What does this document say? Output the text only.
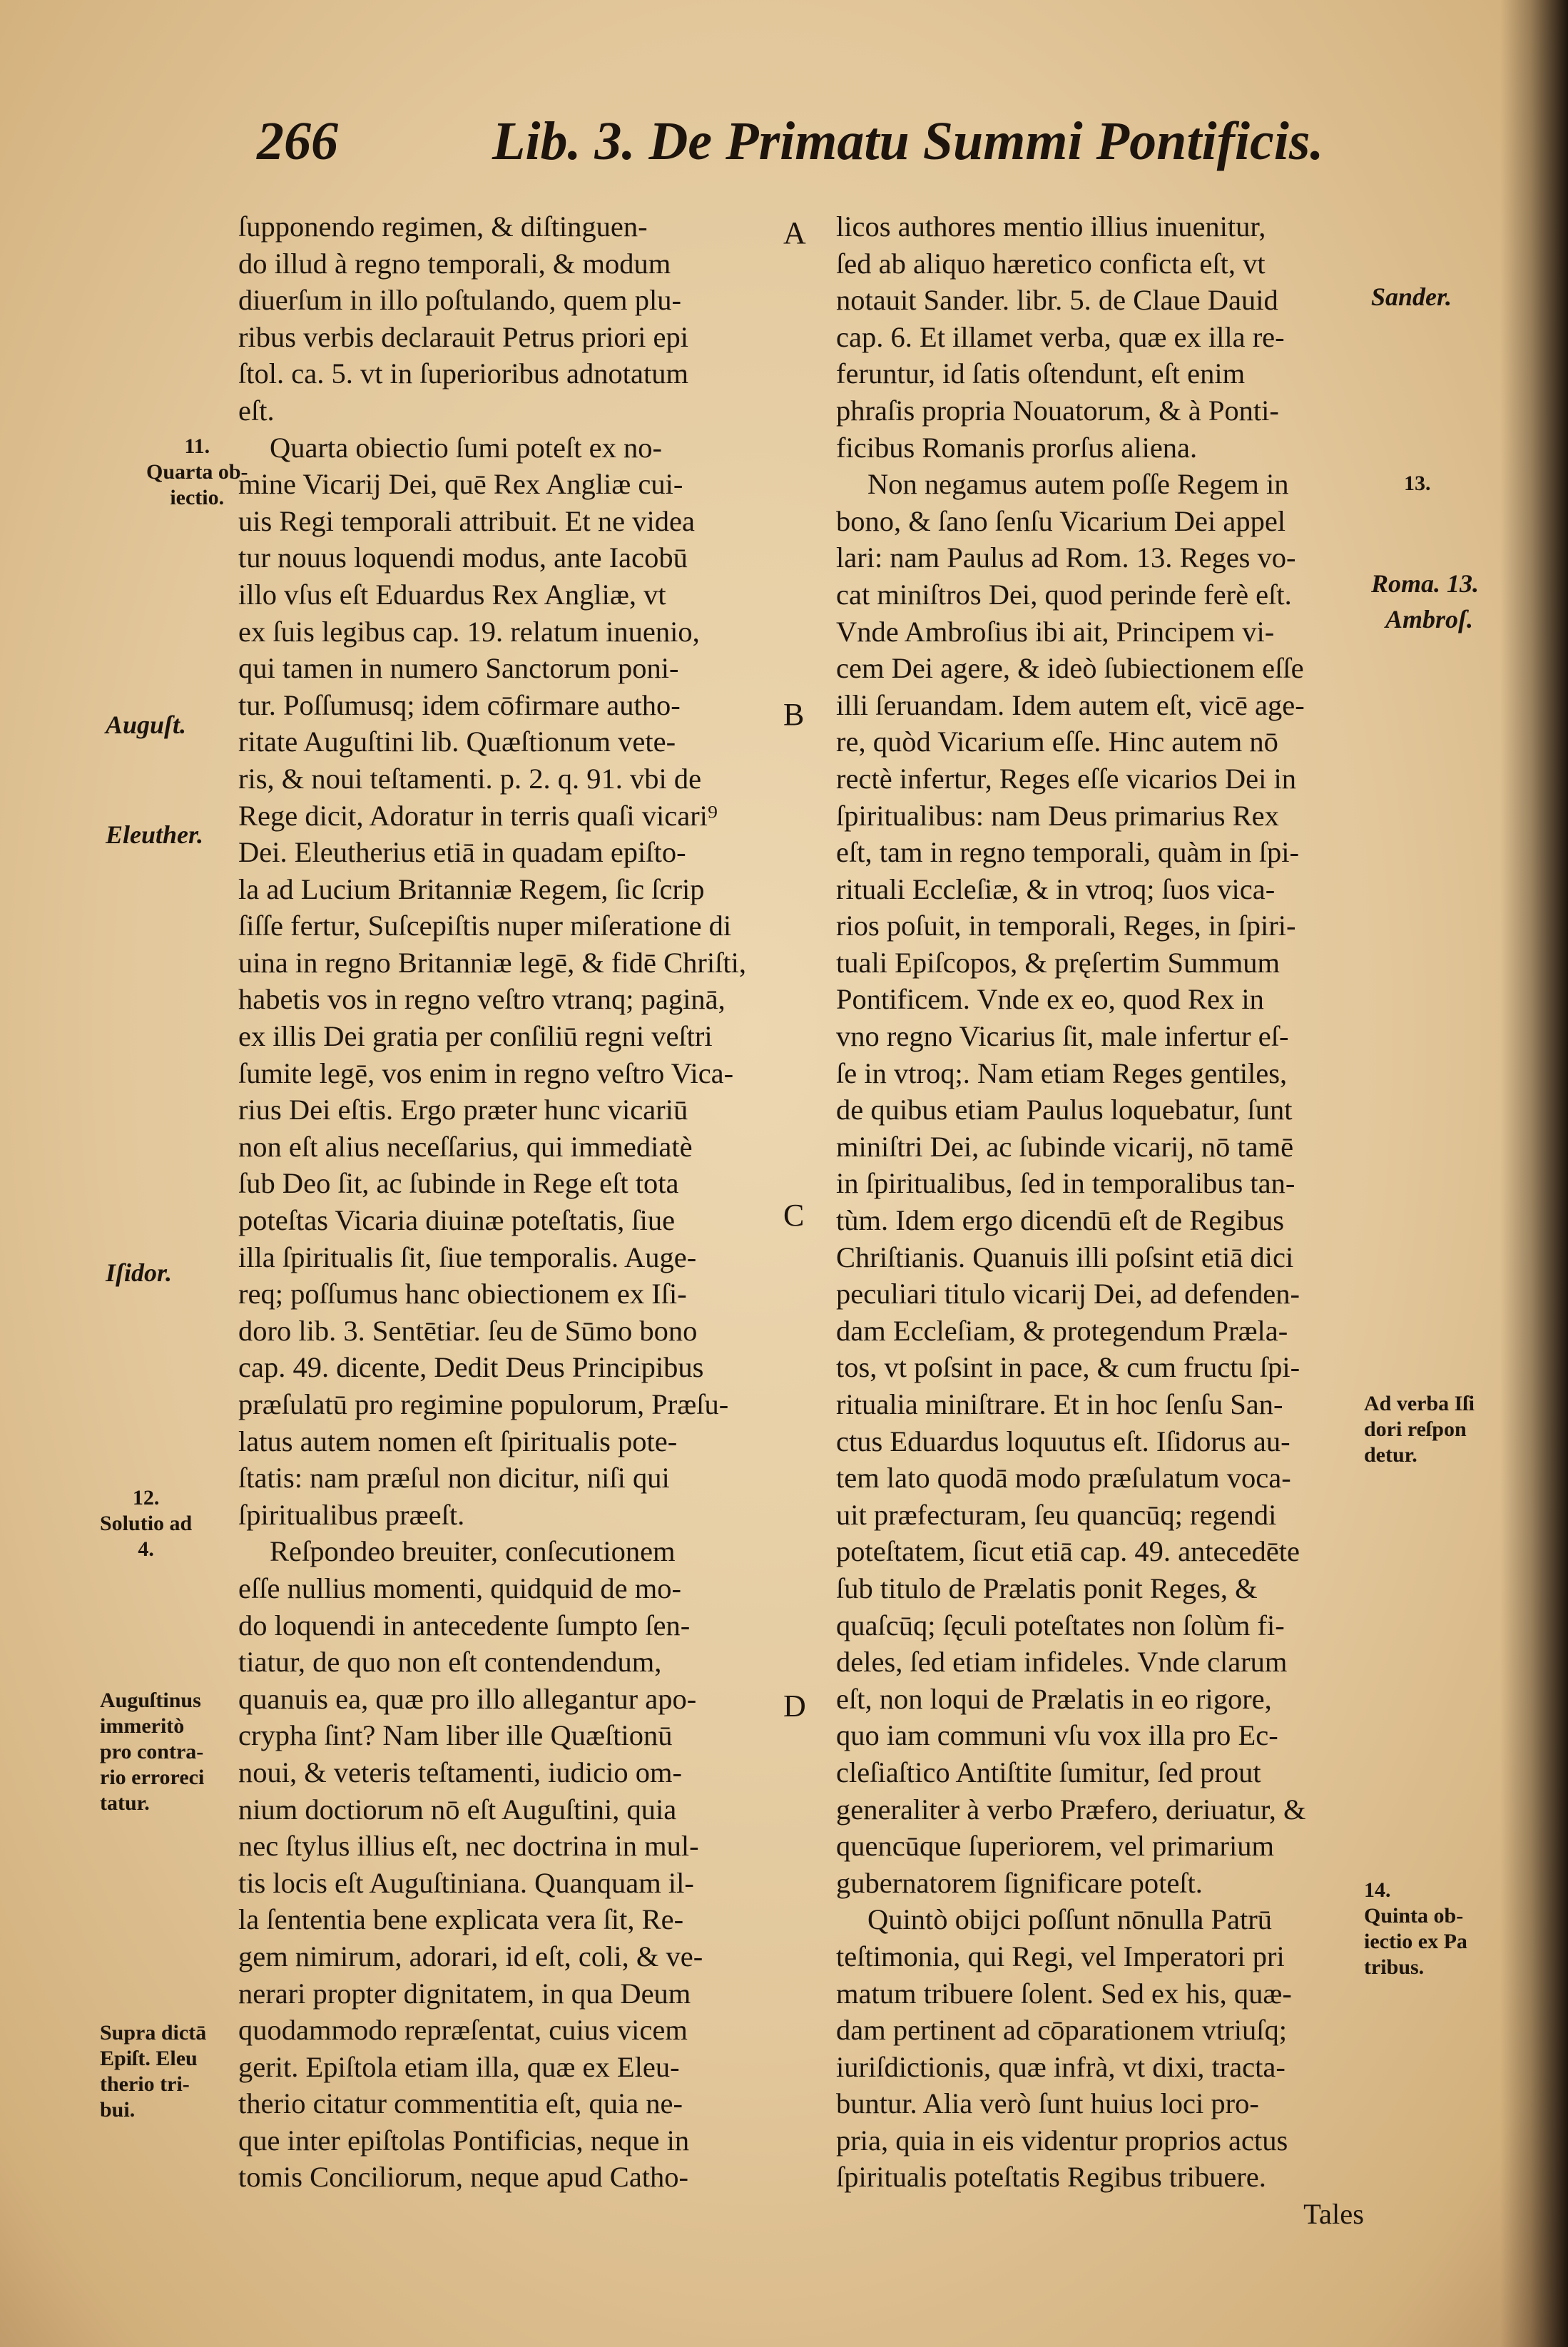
266	Lib. 3. De Primatu Summi Pontificis.
ſupponendo regimen, & diſtinguen-
do illud à regno temporali, & modum
diuerſum in illo poſtulando, quem plu-
ribus verbis declarauit Petrus priori epi
ſtol. ca. 5. vt in ſuperioribus adnotatum
eſt.
Quarta obiectio ſumi poteſt ex no-
mine Vicarij Dei, quē Rex Angliæ cui-
uis Regi temporali attribuit. Et ne videa
tur nouus loquendi modus, ante Iacobū
illo vſus eſt Eduardus Rex Angliæ, vt
ex ſuis legibus cap. 19. relatum inuenio,
qui tamen in numero Sanctorum poni-
tur. Poſſumusq; idem cōfirmare autho-
ritate Auguſtini lib. Quæſtionum vete-
ris, & noui teſtamenti. p. 2. q. 91. vbi de
Rege dicit, Adoratur in terris quaſi vicari⁹
Dei. Eleutherius etiā in quadam epiſto-
la ad Lucium Britanniæ Regem, ſic ſcrip
ſiſſe fertur, Suſcepiſtis nuper miſeratione di
uina in regno Britanniæ legē, & fidē Chriſti,
habetis vos in regno veſtro vtranq; paginā,
ex illis Dei gratia per conſiliū regni veſtri
ſumite legē, vos enim in regno veſtro Vica-
rius Dei eſtis. Ergo præter hunc vicariū
non eſt alius neceſſarius, qui immediatè
ſub Deo ſit, ac ſubinde in Rege eſt tota
poteſtas Vicaria diuinæ poteſtatis, ſiue
illa ſpiritualis ſit, ſiue temporalis. Auge-
req; poſſumus hanc obiectionem ex Iſi-
doro lib. 3. Sentētiar. ſeu de Sūmo bono
cap. 49. dicente, Dedit Deus Principibus
præſulatū pro regimine populorum, Præſu-
latus autem nomen eſt ſpiritualis pote-
ſtatis: nam præſul non dicitur, niſi qui
ſpiritualibus præeſt.
Reſpondeo breuiter, conſecutionem
eſſe nullius momenti, quidquid de mo-
do loquendi in antecedente ſumpto ſen-
tiatur, de quo non eſt contendendum,
quanuis ea, quæ pro illo allegantur apo-
crypha ſint? Nam liber ille Quæſtionū
noui, & veteris teſtamenti, iudicio om-
nium doctiorum nō eſt Auguſtini, quia
nec ſtylus illius eſt, nec doctrina in mul-
tis locis eſt Auguſtiniana. Quanquam il-
la ſententia bene explicata vera ſit, Re-
gem nimirum, adorari, id eſt, coli, & ve-
nerari propter dignitatem, in qua Deum
quodammodo repræſentat, cuius vicem
gerit. Epiſtola etiam illa, quæ ex Eleu-
therio citatur commentitia eſt, quia ne-
que inter epiſtolas Pontificias, neque in
tomis Conciliorum, neque apud Catho-
licos authores mentio illius inuenitur,
ſed ab aliquo hæretico confictа eſt, vt
notauit Sander. libr. 5. de Claue Dauid
cap. 6. Et illamet verba, quæ ex illa re-
feruntur, id ſatis oſtendunt, eſt enim
phraſis propria Nouatorum, & à Ponti-
ficibus Romanis prorſus aliena.
Non negamus autem poſſe Regem in
bono, & ſano ſenſu Vicarium Dei appel
lari: nam Paulus ad Rom. 13. Reges vo-
cat miniſtros Dei, quod perinde ferè eſt.
Vnde Ambroſius ibi ait, Principem vi-
cem Dei agere, & ideò ſubiectionem eſſe
illi ſeruandam. Idem autem eſt, vicē age-
re, quòd Vicarium eſſe. Hinc autem nō
rectè infertur, Reges eſſe vicarios Dei in
ſpiritualibus: nam Deus primarius Rex
eſt, tam in regno temporali, quàm in ſpi-
rituali Eccleſiæ, & in vtroq; ſuos vica-
rios poſuit, in temporali, Reges, in ſpiri-
tuali Epiſcopos, & pręſertim Summum
Pontificem. Vnde ex eo, quod Rex in
vno regno Vicarius ſit, male infertur eſ-
ſe in vtroq;. Nam etiam Reges gentiles,
de quibus etiam Paulus loquebatur, ſunt
miniſtri Dei, ac ſubinde vicarij, nō tamē
in ſpiritualibus, ſed in temporalibus tan-
tùm. Idem ergo dicendū eſt de Regibus
Chriſtianis. Quanuis illi poſsint etiā dici
peculiari titulo vicarij Dei, ad defenden-
dam Eccleſiam, & protegendum Præla-
tos, vt poſsint in pace, & cum fructu ſpi-
ritualia miniſtrare. Et in hoc ſenſu San-
ctus Eduardus loquutus eſt. Iſidorus au-
tem lato quodā modo præſulatum voca-
uit præfecturam, ſeu quancūq; regendi
poteſtatem, ſicut etiā cap. 49. antecedēte
ſub titulo de Prælatis ponit Reges, &
quaſcūq; ſęculi poteſtates non ſolùm fi-
deles, ſed etiam infideles. Vnde clarum
eſt, non loqui de Prælatis in eo rigore,
quo iam communi vſu vox illa pro Ec-
cleſiaſtico Antiſtite ſumitur, ſed prout
generaliter à verbo Præfero, deriuatur, &
quencūque ſuperiorem, vel primarium
gubernatorem ſignificare poteſt.
Quintò obijci poſſunt nōnulla Patrū
teſtimonia, qui Regi, vel Imperatori pri
matum tribuere ſolent. Sed ex his, quæ-
dam pertinent ad cōparationem vtriuſq;
iuriſdictionis, quæ infrà, vt dixi, tracta-
buntur. Alia verò ſunt huius loci pro-
pria, quia in eis videntur proprios actus
ſpiritualis poteſtatis Regibus tribuere.
Tales
11.
Quarta ob-
iectio.
Auguſt.
Eleuther.
Iſidor.
12.
Solutio ad
4.
Auguſtinus
immeritò
pro contra-
rio erroreci
tatur.
Supra dictā
Epiſt. Eleu
therio tri-
bui.
Sander.
13.
Roma. 13.
Ambroſ.
Ad verba Iſi
dori reſpon
detur.
14.
Quinta ob-
iectio ex Pa
tribus.
A
B
C
D
